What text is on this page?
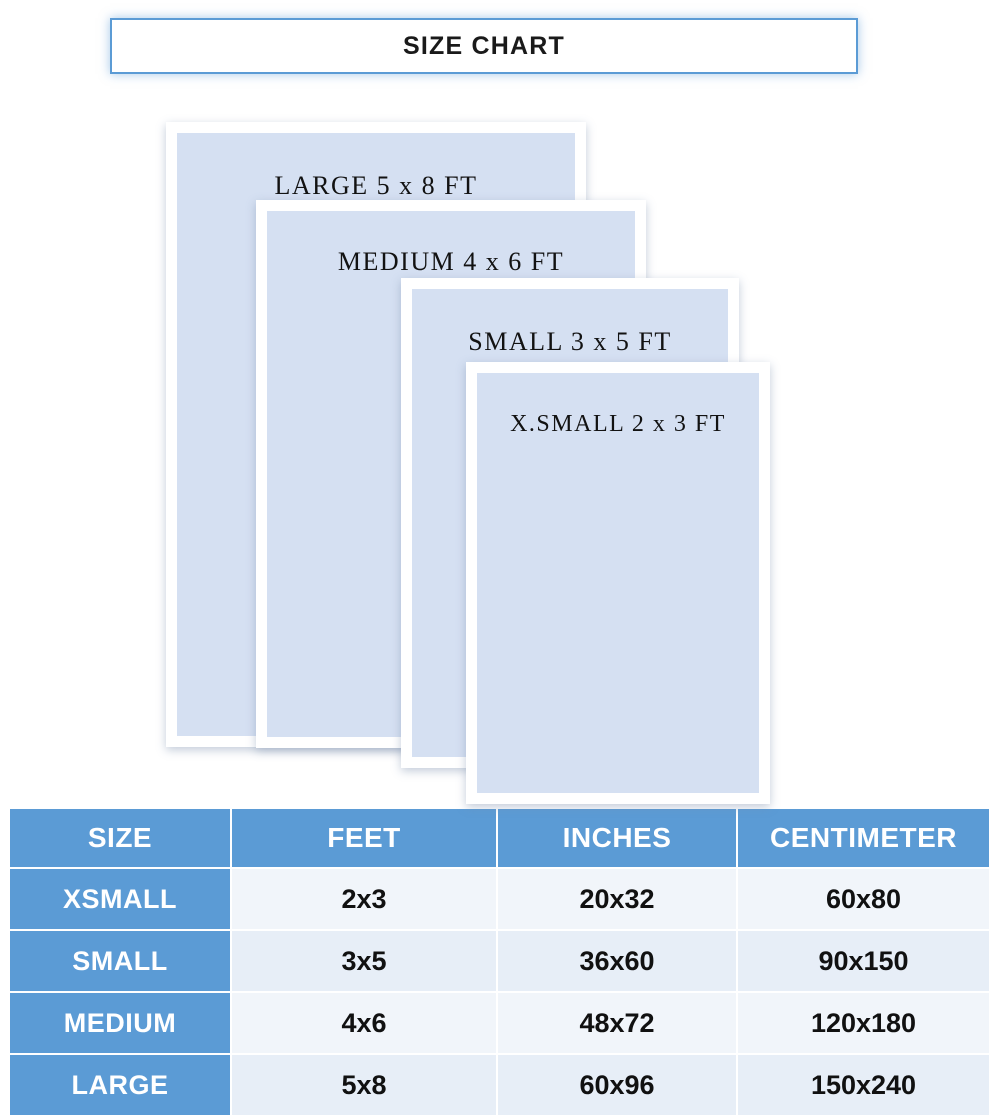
SIZE CHART
LARGE 5 x 8 FT
MEDIUM 4 x 6 FT
SMALL 3 x 5 FT
X.SMALL 2 x 3 FT
SIZE	FEET	INCHES	CENTIMETER
XSMALL	2x3	20x32	60x80
SMALL	3x5	36x60	90x150
MEDIUM	4x6	48x72	120x180
LARGE	5x8	60x96	150x240
